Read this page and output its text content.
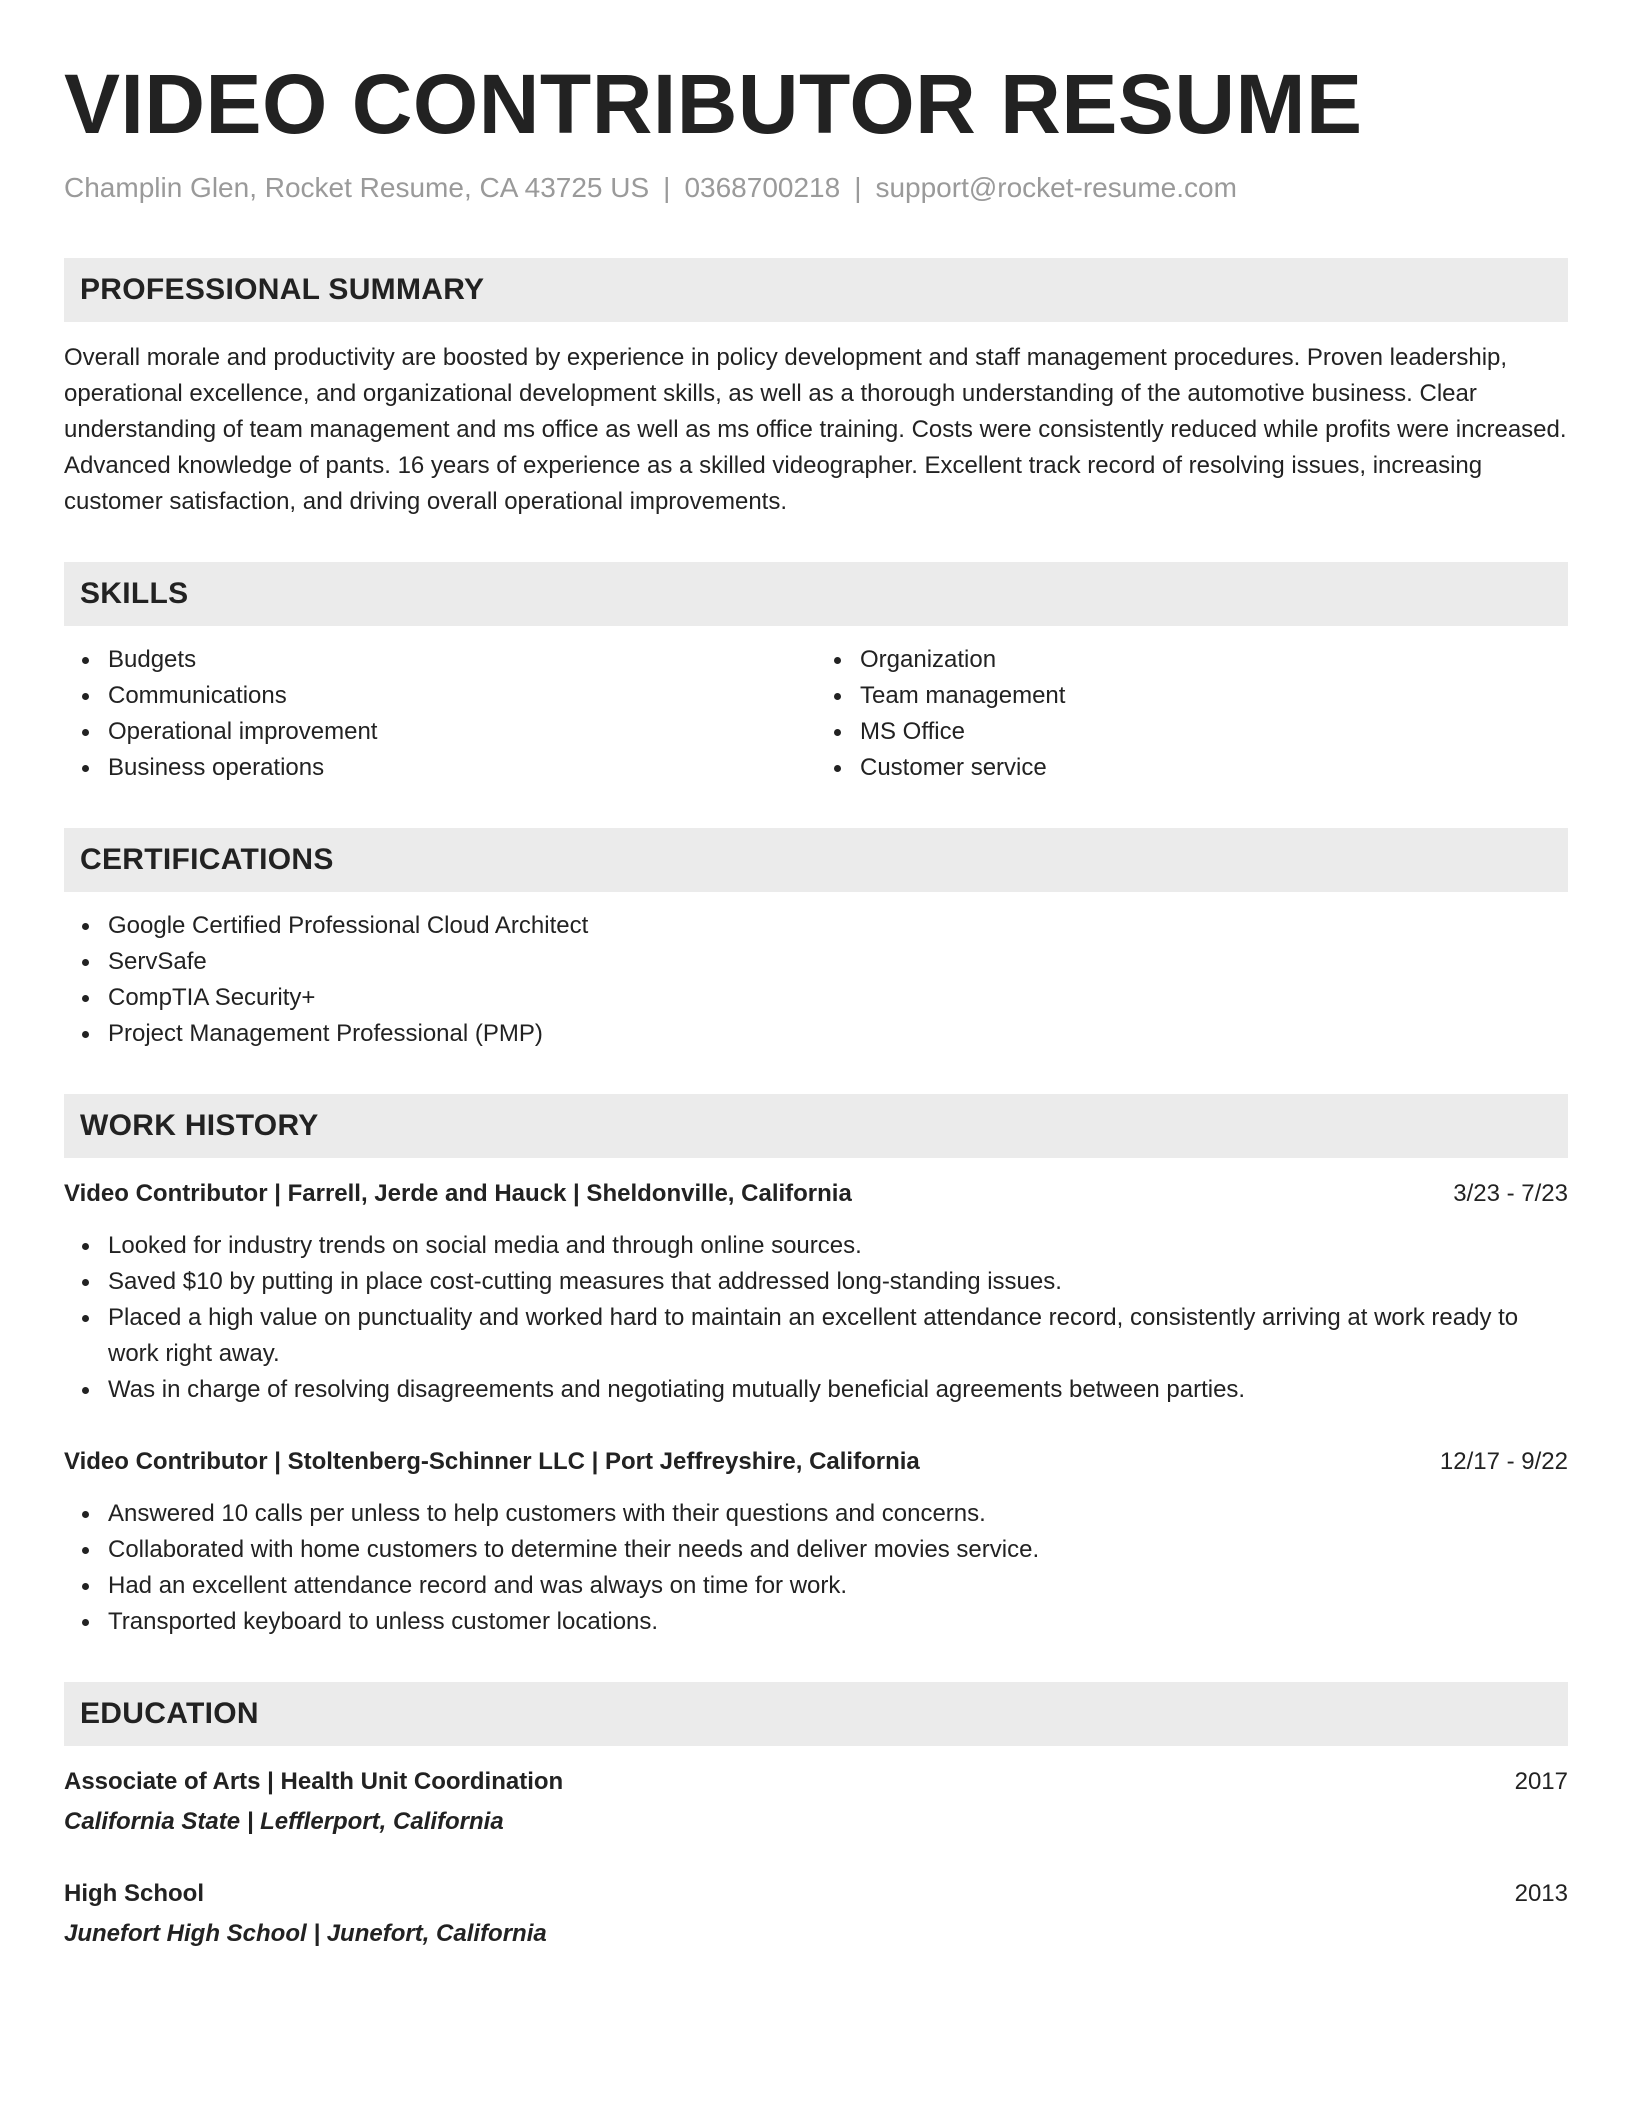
VIDEO CONTRIBUTOR RESUME
Champlin Glen, Rocket Resume, CA 43725 US | 0368700218 | support@rocket-resume.com
PROFESSIONAL SUMMARY

Overall morale and productivity are boosted by experience in policy development and staff management procedures. Proven leadership, operational excellence, and organizational development skills, as well as a thorough understanding of the automotive business. Clear understanding of team management and ms office as well as ms office training. Costs were consistently reduced while profits were increased. Advanced knowledge of pants. 16 years of experience as a skilled videographer. Excellent track record of resolving issues, increasing customer satisfaction, and driving overall operational improvements.

SKILLS
Budgets
Communications
Operational improvement
Business operations
Organization
Team management
MS Office
Customer service
CERTIFICATIONS
Google Certified Professional Cloud Architect
ServSafe
CompTIA Security+
Project Management Professional (PMP)
WORK HISTORY
Video Contributor | Farrell, Jerde and Hauck | Sheldonville, California	3/23 - 7/23
Looked for industry trends on social media and through online sources.
Saved $10 by putting in place cost-cutting measures that addressed long-standing issues.
Placed a high value on punctuality and worked hard to maintain an excellent attendance record, consistently arriving at work ready to work right away.
Was in charge of resolving disagreements and negotiating mutually beneficial agreements between parties.
Video Contributor | Stoltenberg-Schinner LLC | Port Jeffreyshire, California	12/17 - 9/22
Answered 10 calls per unless to help customers with their questions and concerns.
Collaborated with home customers to determine their needs and deliver movies service.
Had an excellent attendance record and was always on time for work.
Transported keyboard to unless customer locations.
EDUCATION
Associate of Arts | Health Unit Coordination	2017
California State | Lefflerport, California
High School	2013
Junefort High School | Junefort, California
